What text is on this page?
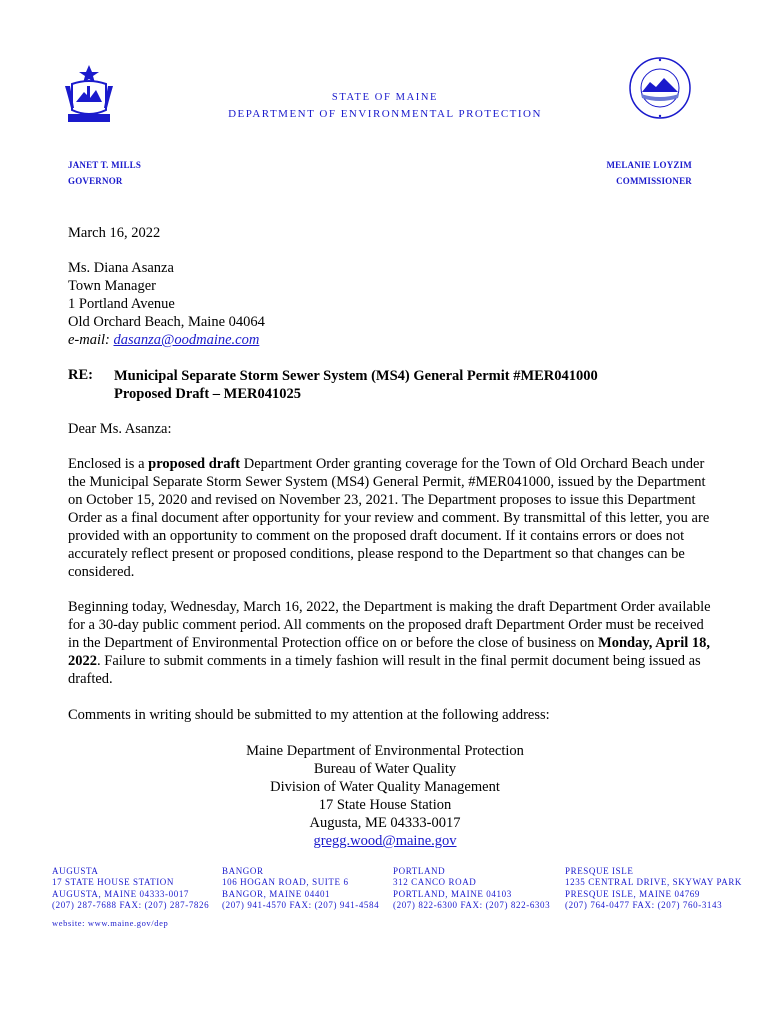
STATE OF MAINE
DEPARTMENT OF ENVIRONMENTAL PROTECTION
JANET T. MILLS
GOVERNOR
MELANIE LOYZIM
COMMISSIONER
March 16, 2022
Ms. Diana Asanza
Town Manager
1 Portland Avenue
Old Orchard Beach, Maine 04064
e-mail: dasanza@oodmaine.com
RE: Municipal Separate Storm Sewer System (MS4) General Permit #MER041000
Proposed Draft – MER041025
Dear Ms. Asanza:
Enclosed is a proposed draft Department Order granting coverage for the Town of Old Orchard Beach under the Municipal Separate Storm Sewer System (MS4) General Permit, #MER041000, issued by the Department on October 15, 2020 and revised on November 23, 2021. The Department proposes to issue this Department Order as a final document after opportunity for your review and comment. By transmittal of this letter, you are provided with an opportunity to comment on the proposed draft document. If it contains errors or does not accurately reflect present or proposed conditions, please respond to the Department so that changes can be considered.
Beginning today, Wednesday, March 16, 2022, the Department is making the draft Department Order available for a 30-day public comment period. All comments on the proposed draft Department Order must be received in the Department of Environmental Protection office on or before the close of business on Monday, April 18, 2022. Failure to submit comments in a timely fashion will result in the final permit document being issued as drafted.
Comments in writing should be submitted to my attention at the following address:
Maine Department of Environmental Protection
Bureau of Water Quality
Division of Water Quality Management
17 State House Station
Augusta, ME 04333-0017
gregg.wood@maine.gov
AUGUSTA
17 STATE HOUSE STATION
AUGUSTA, MAINE 04333-0017
(207) 287-7688 FAX: (207) 287-7826
BANGOR
106 HOGAN ROAD, SUITE 6
BANGOR, MAINE 04401
(207) 941-4570 FAX: (207) 941-4584
PORTLAND
312 CANCO ROAD
PORTLAND, MAINE 04103
(207) 822-6300 FAX: (207) 822-6303
PRESQUE ISLE
1235 CENTRAL DRIVE, SKYWAY PARK
PRESQUE ISLE, MAINE 04769
(207) 764-0477 FAX: (207) 760-3143
website: www.maine.gov/dep
